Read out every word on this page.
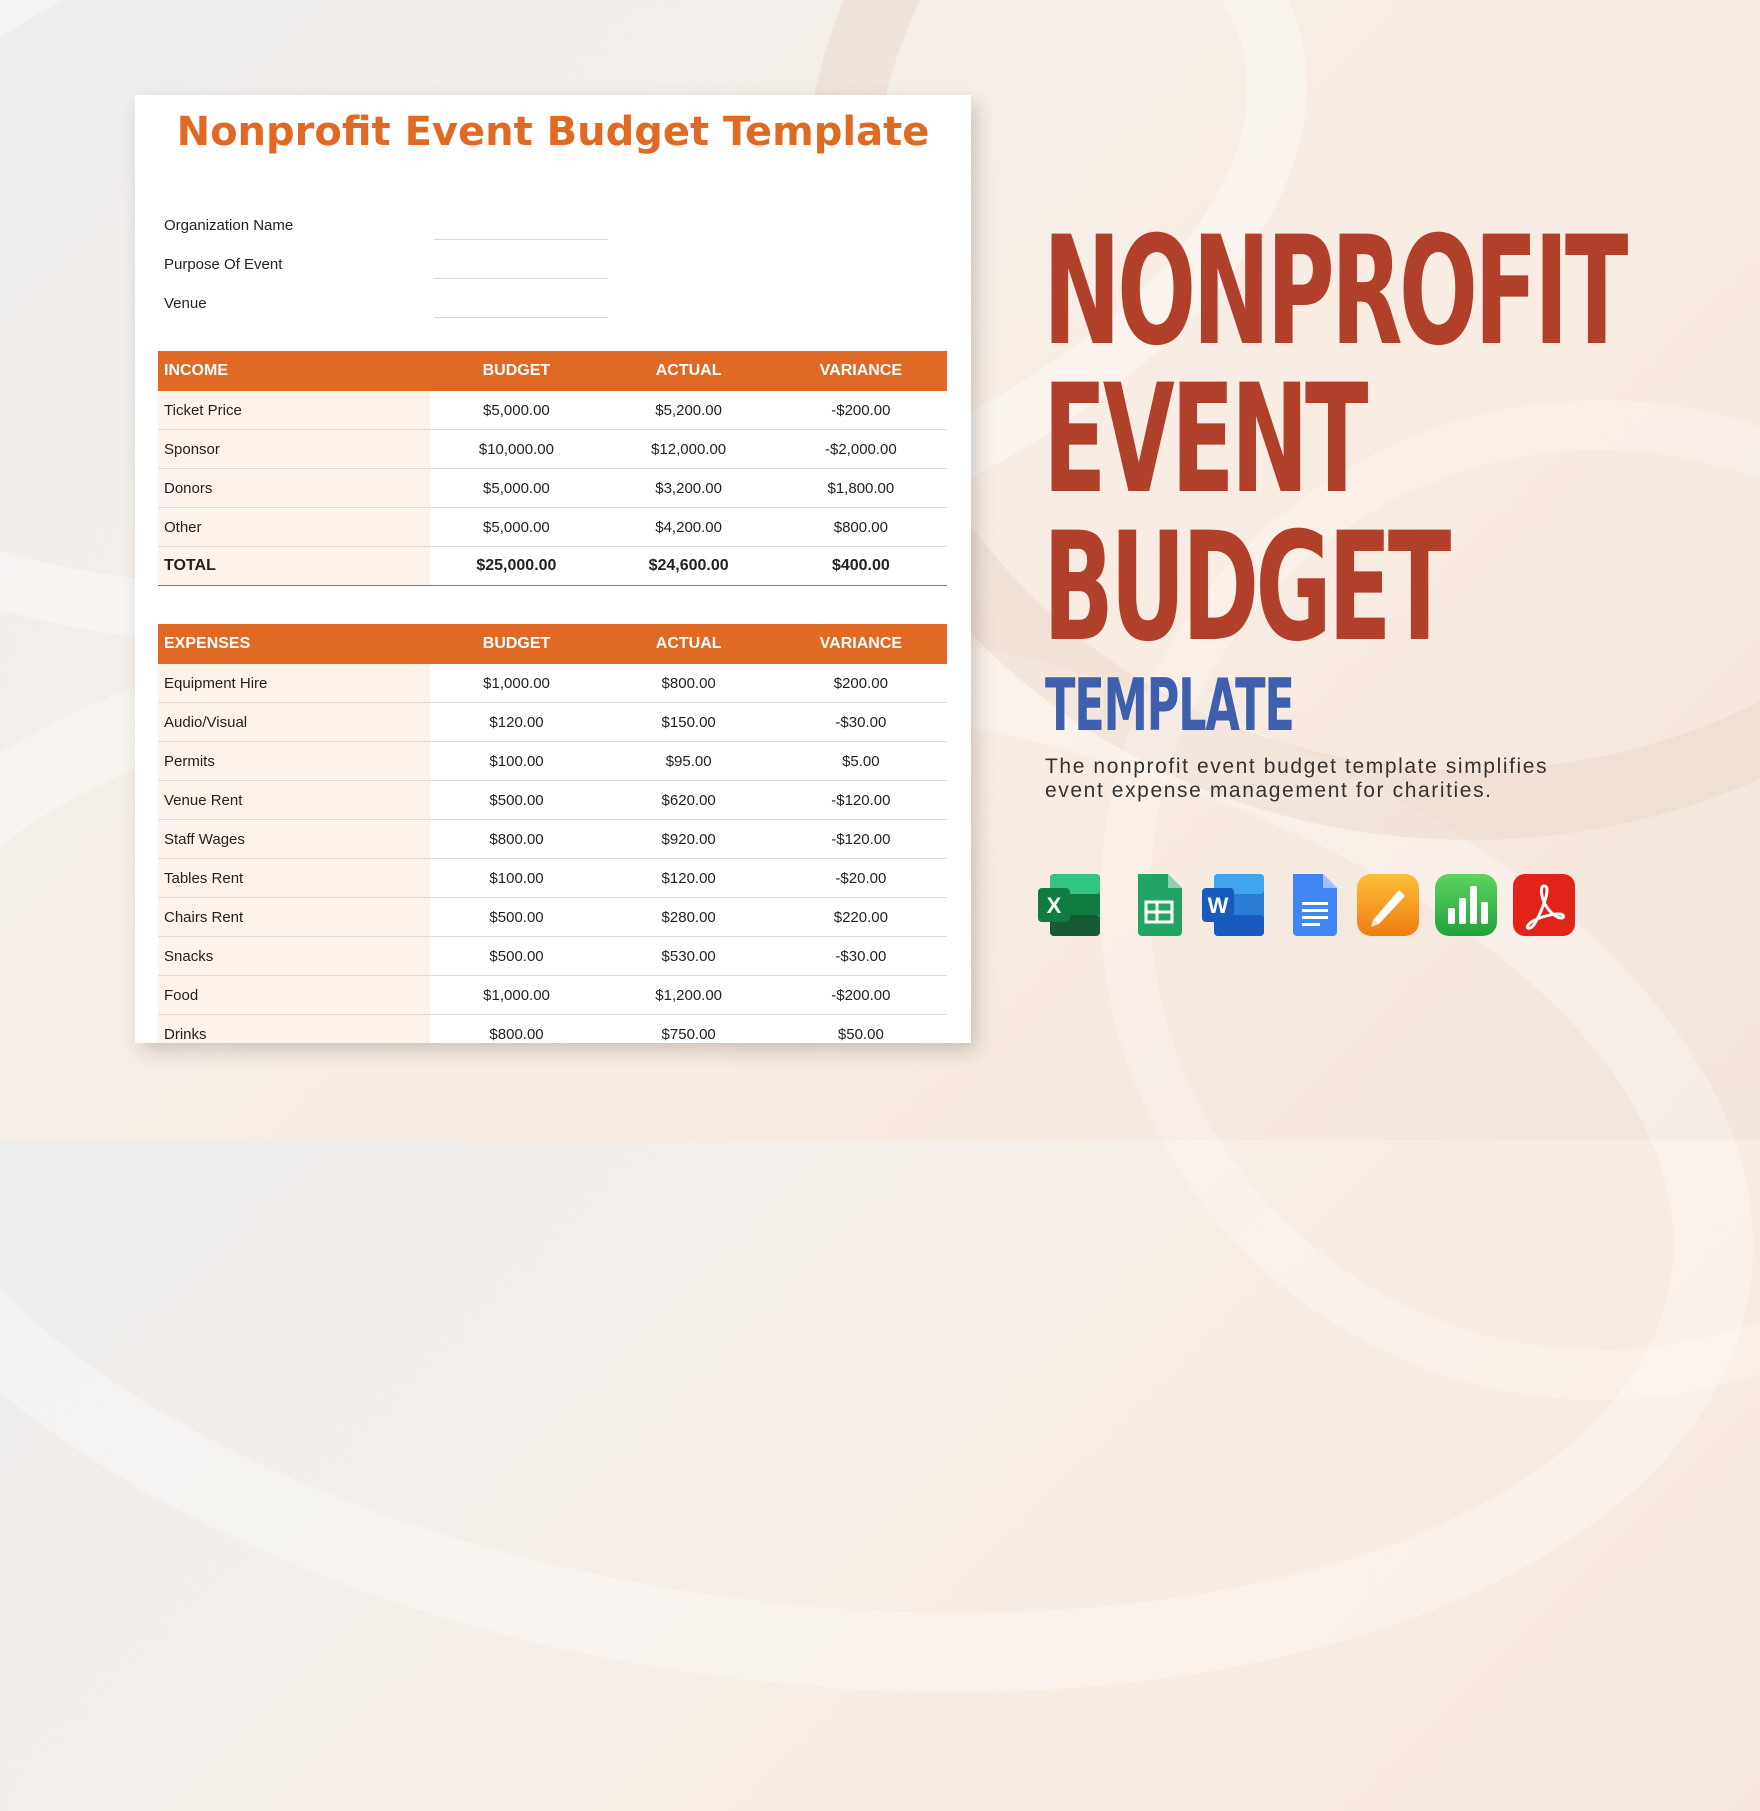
Nonprofit Event Budget Template
Organization Name
Purpose Of Event
Venue
INCOME	BUDGET	ACTUAL	VARIANCE
Ticket Price	$5,000.00	$5,200.00	-$200.00
Sponsor	$10,000.00	$12,000.00	-$2,000.00
Donors	$5,000.00	$3,200.00	$1,800.00
Other	$5,000.00	$4,200.00	$800.00
TOTAL	$25,000.00	$24,600.00	$400.00
EXPENSES	BUDGET	ACTUAL	VARIANCE
Equipment Hire	$1,000.00	$800.00	$200.00
Audio/Visual	$120.00	$150.00	-$30.00
Permits	$100.00	$95.00	$5.00
Venue Rent	$500.00	$620.00	-$120.00
Staff Wages	$800.00	$920.00	-$120.00
Tables Rent	$100.00	$120.00	-$20.00
Chairs Rent	$500.00	$280.00	$220.00
Snacks	$500.00	$530.00	-$30.00
Food	$1,000.00	$1,200.00	-$200.00
Drinks	$800.00	$750.00	$50.00
NONPROFIT
EVENT
BUDGET
TEMPLATE
The nonprofit event budget template simplifies event expense management for charities.
X	W
